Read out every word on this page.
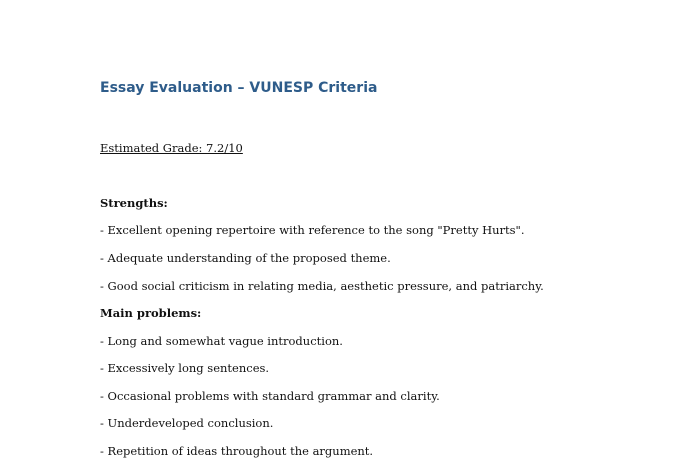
Essay Evaluation – VUNESP Criteria

Estimated Grade: 7.2/10

Strengths:

- Excellent opening repertoire with reference to the song "Pretty Hurts".

- Adequate understanding of the proposed theme.

- Good social criticism in relating media, aesthetic pressure, and patriarchy.

Main problems:

- Long and somewhat vague introduction.

- Excessively long sentences.

- Occasional problems with standard grammar and clarity.

- Underdeveloped conclusion.

- Repetition of ideas throughout the argument.
